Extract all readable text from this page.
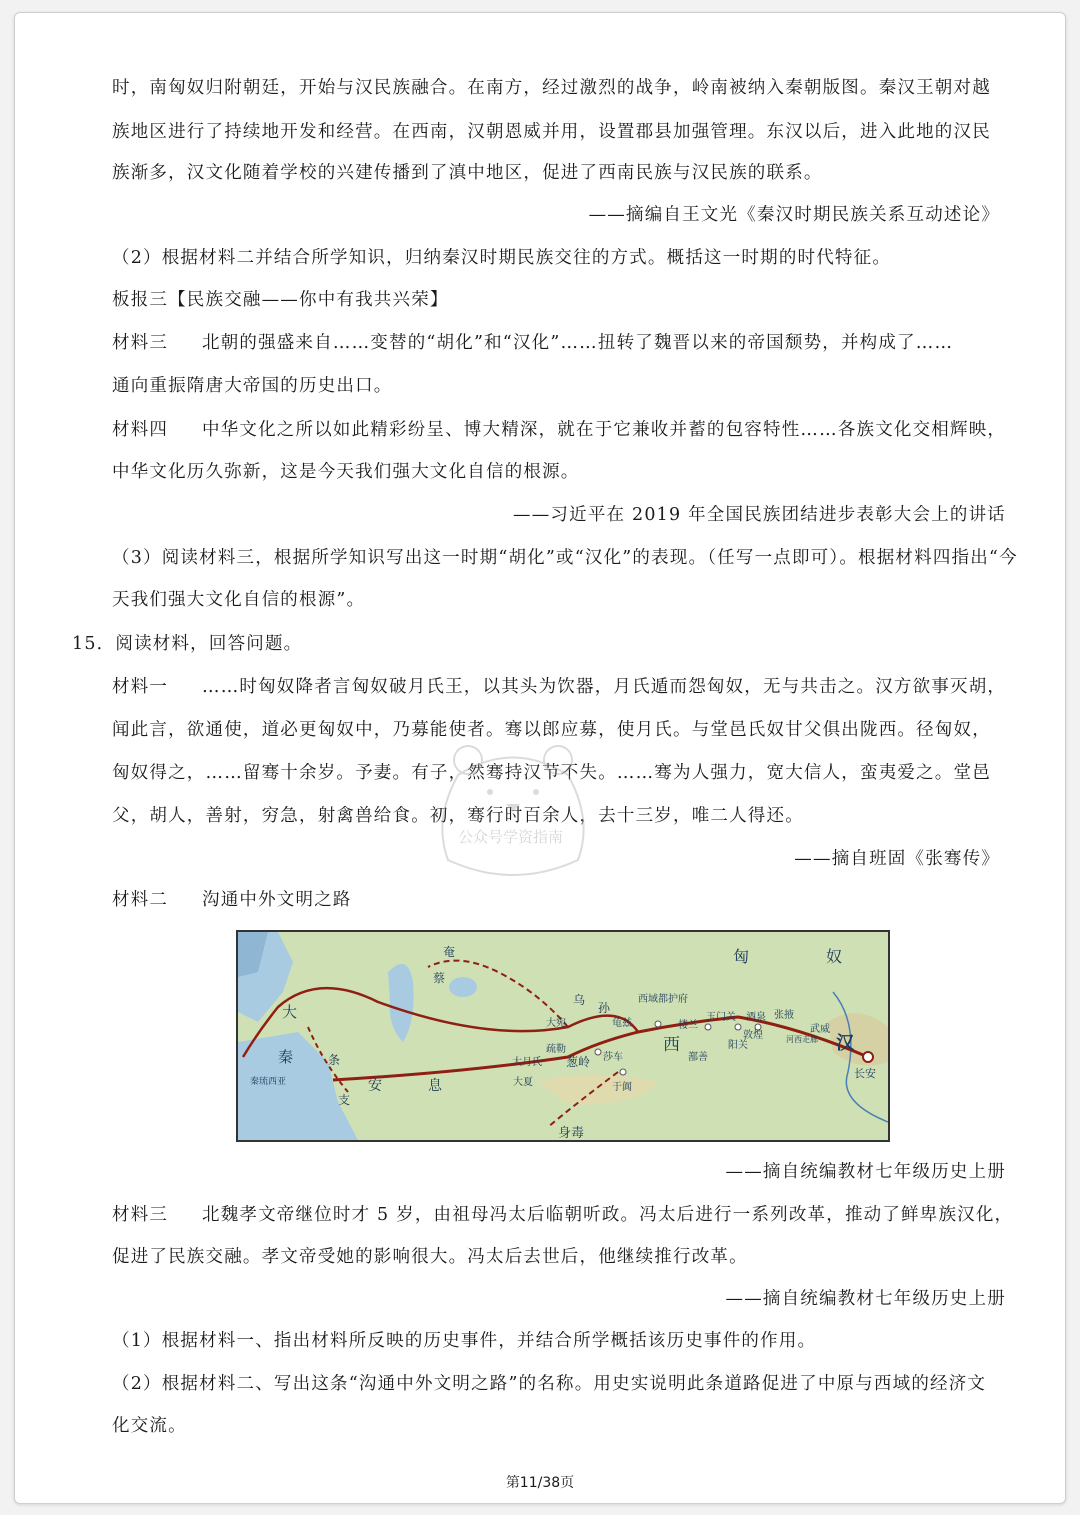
时，南匈奴归附朝廷，开始与汉民族融合。在南方，经过激烈的战争，岭南被纳入秦朝版图。秦汉王朝对越
族地区进行了持续地开发和经营。在西南，汉朝恩威并用，设置郡县加强管理。东汉以后，进入此地的汉民
族渐多，汉文化随着学校的兴建传播到了滇中地区，促进了西南民族与汉民族的联系。
——摘编自王文光《秦汉时期民族关系互动述论》
（2）根据材料二并结合所学知识，归纳秦汉时期民族交往的方式。概括这一时期的时代特征。
板报三【民族交融——你中有我共兴荣】
材料三 北朝的强盛来自……变替的“胡化”和“汉化”……扭转了魏晋以来的帝国颓势，并构成了……
通向重振隋唐大帝国的历史出口。
材料四 中华文化之所以如此精彩纷呈、博大精深，就在于它兼收并蓄的包容特性……各族文化交相辉映，
中华文化历久弥新，这是今天我们强大文化自信的根源。
——习近平在 2019 年全国民族团结进步表彰大会上的讲话
（3）阅读材料三，根据所学知识写出这一时期“胡化”或“汉化”的表现。（任写一点即可）。根据材料四指出“今
天我们强大文化自信的根源”。
15．阅读材料，回答问题。
材料一 ……时匈奴降者言匈奴破月氏王，以其头为饮器，月氏遁而怨匈奴，无与共击之。汉方欲事灭胡，
闻此言，欲通使，道必更匈奴中，乃募能使者。骞以郎应募，使月氏。与堂邑氏奴甘父俱出陇西。径匈奴，
匈奴得之，……留骞十余岁。予妻。有子，然骞持汉节不失。……骞为人强力，宽大信人，蛮夷爱之。堂邑
父，胡人，善射，穷急，射禽兽给食。初，骞行时百余人，去十三岁，唯二人得还。
——摘自班固《张骞传》
材料二 沟通中外文明之路
匈	奴
汉
长安
西
安	息
大
秦	条
支
奄
蔡
乌
孙
身毒
西域都护府
玉门关 酒泉 张掖
武威
敦煌
阳关
河西走廊
楼兰
龟兹
大宛
疏勒
大月氏
大夏
葱岭 莎车
于阗
鄯善
秦琉西亚
——摘自统编教材七年级历史上册
材料三 北魏孝文帝继位时才 5 岁，由祖母冯太后临朝听政。冯太后进行一系列改革，推动了鲜卑族汉化，
促进了民族交融。孝文帝受她的影响很大。冯太后去世后，他继续推行改革。
——摘自统编教材七年级历史上册
（1）根据材料一、指出材料所反映的历史事件，并结合所学概括该历史事件的作用。
（2）根据材料二、写出这条“沟通中外文明之路”的名称。用史实说明此条道路促进了中原与西域的经济文
化交流。
公众号学资指南
第11/38页
